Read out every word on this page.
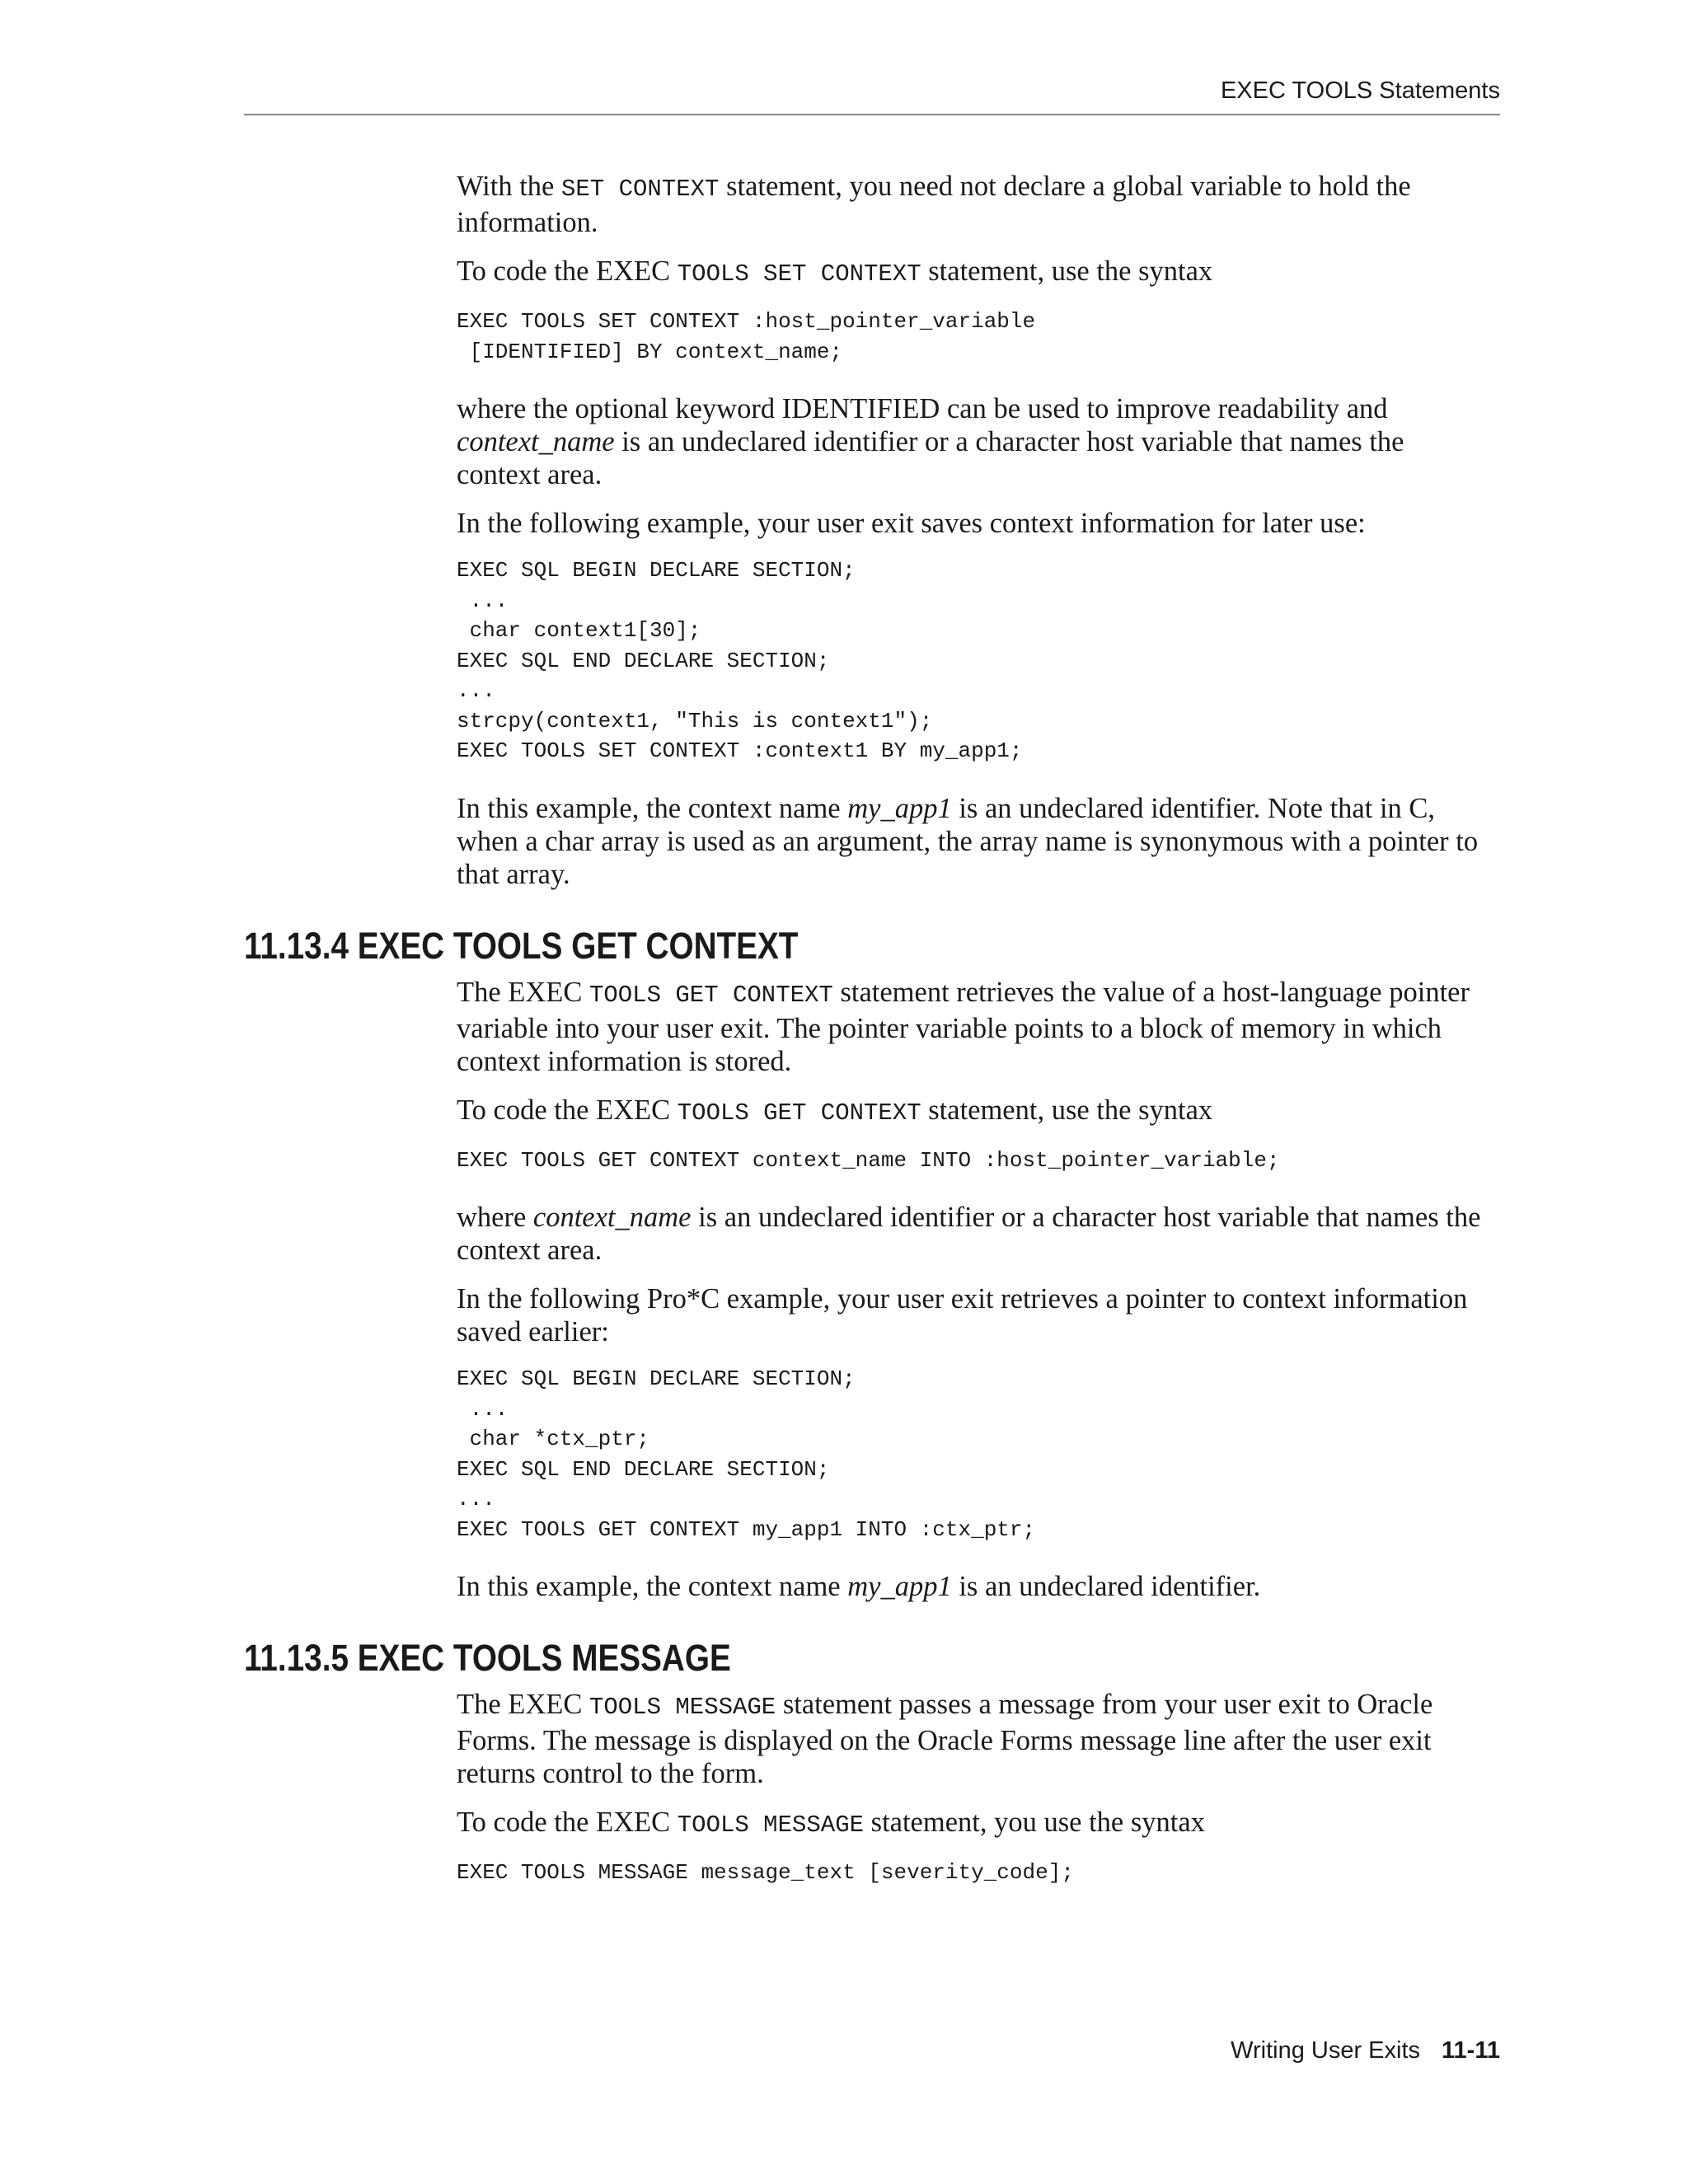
EXEC TOOLS Statements

With the SET CONTEXT statement, you need not declare a global variable to hold the information.

To code the EXEC TOOLS SET CONTEXT statement, use the syntax

EXEC TOOLS SET CONTEXT :host_pointer_variable
[IDENTIFIED] BY context_name;

where the optional keyword IDENTIFIED can be used to improve readability and context_name is an undeclared identifier or a character host variable that names the context area.

In the following example, your user exit saves context information for later use:

EXEC SQL BEGIN DECLARE SECTION;
...
char context1[30];
EXEC SQL END DECLARE SECTION;
...
strcpy(context1, "This is context1");
EXEC TOOLS SET CONTEXT :context1 BY my_app1;

In this example, the context name my_app1 is an undeclared identifier. Note that in C, when a char array is used as an argument, the array name is synonymous with a pointer to that array.

11.13.4 EXEC TOOLS GET CONTEXT

The EXEC TOOLS GET CONTEXT statement retrieves the value of a host-language pointer variable into your user exit. The pointer variable points to a block of memory in which context information is stored.

To code the EXEC TOOLS GET CONTEXT statement, use the syntax

EXEC TOOLS GET CONTEXT context_name INTO :host_pointer_variable;

where context_name is an undeclared identifier or a character host variable that names the context area.

In the following Pro*C example, your user exit retrieves a pointer to context information saved earlier:

EXEC SQL BEGIN DECLARE SECTION;
...
char *ctx_ptr;
EXEC SQL END DECLARE SECTION;
...
EXEC TOOLS GET CONTEXT my_app1 INTO :ctx_ptr;

In this example, the context name my_app1 is an undeclared identifier.

11.13.5 EXEC TOOLS MESSAGE

The EXEC TOOLS MESSAGE statement passes a message from your user exit to Oracle Forms. The message is displayed on the Oracle Forms message line after the user exit returns control to the form.

To code the EXEC TOOLS MESSAGE statement, you use the syntax

EXEC TOOLS MESSAGE message_text [severity_code];
Writing User Exits 11-11
